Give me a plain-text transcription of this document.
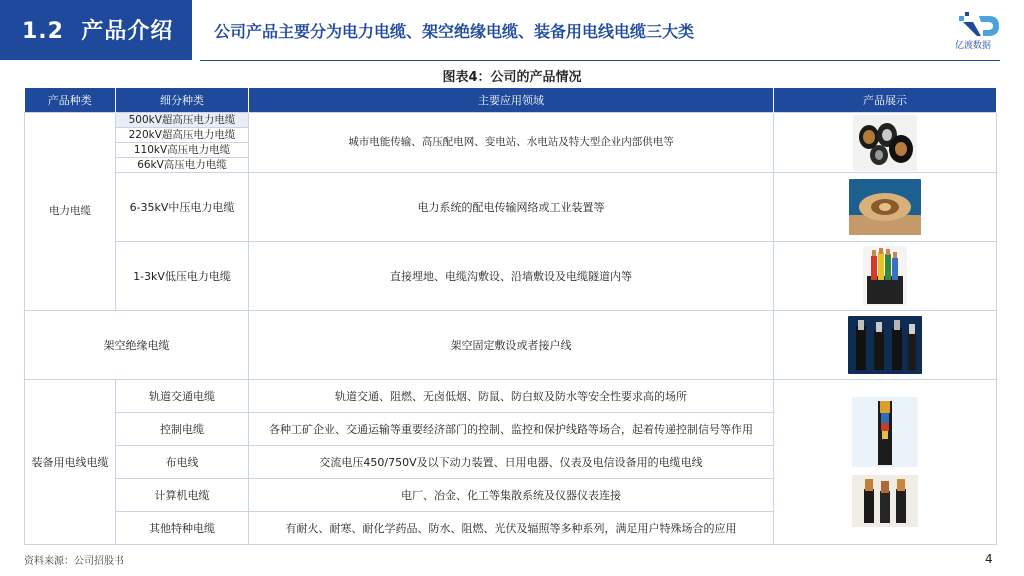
1.2 产品介绍	公司产品主要分为电力电缆、架空绝缘电缆、装备用电线电缆三大类
亿渡数据
图表4：公司的产品情况
产品种类	细分种类	主要应用领域	产品展示
电力电缆	500kV超高压电力电缆	城市电能传输、高压配电网、变电站、水电站及特大型企业内部供电等	

	220kV超高压电力电缆		
	110kV高压电力电缆		
	66kV高压电力电缆		
	6-35kV中压电力电缆	电力系统的配电传输网络或工业装置等	

	1-3kV低压电力电缆	直接埋地、电缆沟敷设、沿墙敷设及电缆隧道内等	

架空绝缘电缆		架空固定敷设或者接户线	

装备用电线电缆	轨道交通电缆	轨道交通、阻燃、无卤低烟、防鼠、防白蚁及防水等安全性要求高的场所	

	控制电缆	各种工矿企业、交通运输等重要经济部门的控制、监控和保护线路等场合，起着传递控制信号等作用	
	布电线	交流电压450/750V及以下动力装置、日用电器、仪表及电信设备用的电缆电线	
	计算机电缆	电厂、冶金、化工等集散系统及仪器仪表连接	
	其他特种电缆	有耐火、耐寒、耐化学药品、防水、阻燃、光伏及辐照等多种系列，满足用户特殊场合的应用	
资料来源：公司招股书	4
